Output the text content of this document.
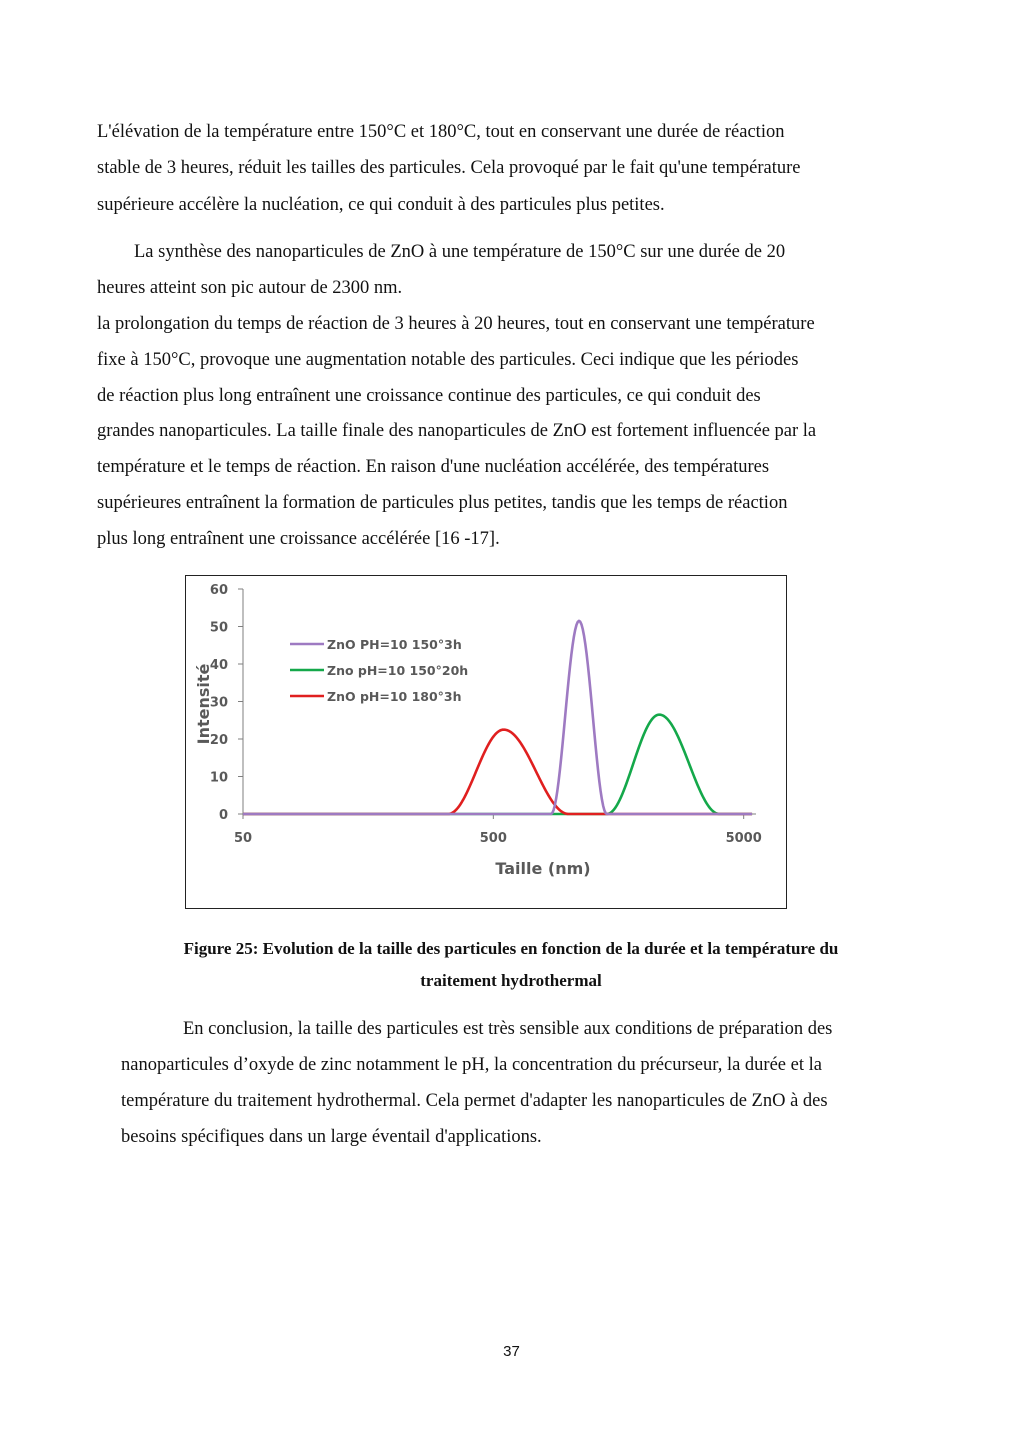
L'élévation de la température entre 150°C et 180°C, tout en conservant une durée de réaction
stable de 3 heures, réduit les tailles des particules. Cela provoqué par le fait qu'une température
supérieure accélère la nucléation, ce qui conduit à des particules plus petites.
La synthèse des nanoparticules de ZnO à une température de 150°C sur une durée de 20
heures atteint son pic autour de 2300 nm.
la prolongation du temps de réaction de 3 heures à 20 heures, tout en conservant une température
fixe à 150°C, provoque une augmentation notable des particules. Ceci indique que les périodes
de réaction plus long entraînent une croissance continue des particules, ce qui conduit des
grandes nanoparticules. La taille finale des nanoparticules de ZnO est fortement influencée par la
température et le temps de réaction. En raison d'une nucléation accélérée, des températures
supérieures entraînent la formation de particules plus petites, tandis que les temps de réaction
plus long entraînent une croissance accélérée [16 -17].
0
10
20
30
40
50
60
50	500	5000
ZnO PH=10 150°3h
Zno pH=10 150°20h
ZnO pH=10 180°3h
Taille (nm)
Intensité

Figure 25: Evolution de la taille des particules en fonction de la durée et la température du

traitement hydrothermal

En conclusion, la taille des particules est très sensible aux conditions de préparation des
nanoparticules d’oxyde de zinc notamment le pH, la concentration du précurseur, la durée et la
température du traitement hydrothermal. Cela permet d'adapter les nanoparticules de ZnO à des
besoins spécifiques dans un large éventail d'applications.
37
